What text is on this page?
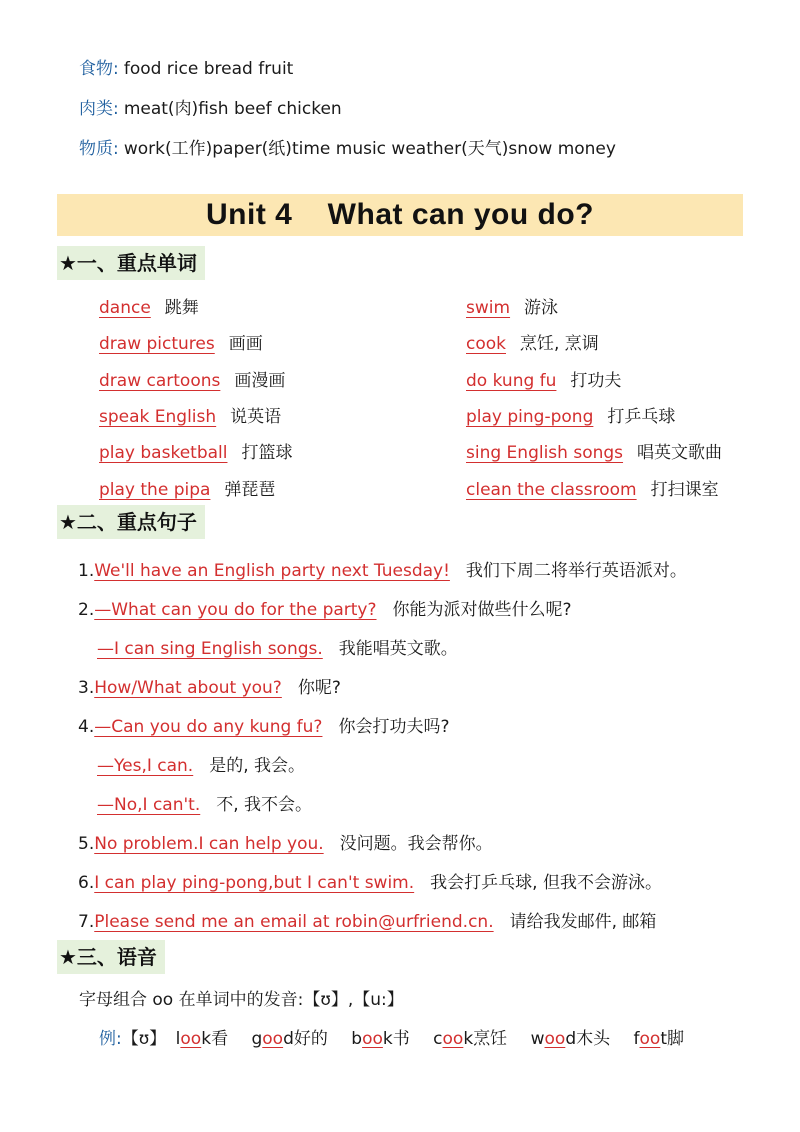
食物: food rice bread fruit
肉类: meat(肉)fish beef chicken
物质: work(工作)paper(纸)time music weather(天气)snow money
Unit 4    What can you do?
★一、重点单词
dance 跳舞
draw pictures 画画
draw cartoons 画漫画
speak English 说英语
play basketball 打篮球
play the pipa 弹琵琶
swim 游泳
cook 烹饪, 烹调
do kung fu 打功夫
play ping-pong 打乒乓球
sing English songs 唱英文歌曲
clean the classroom 打扫课室
★二、重点句子
1.We'll have an English party next Tuesday! 我们下周二将举行英语派对。
2.—What can you do for the party? 你能为派对做些什么呢?
—I can sing English songs. 我能唱英文歌。
3.How/What about you? 你呢?
4.—Can you do any kung fu? 你会打功夫吗?
—Yes,I can. 是的, 我会。
—No,I can't. 不, 我不会。
5.No problem.I can help you. 没问题。我会帮你。
6.I can play ping-pong,but I can't swim. 我会打乒乓球, 但我不会游泳。
7.Please send me an email at robin@urfriend.cn. 请给我发邮件, 邮箱
★三、语音
字母组合 oo 在单词中的发音:【ʊ】,【u:】
例:【ʊ】 look看 good好的 book书 cook烹饪 wood木头 foot脚
